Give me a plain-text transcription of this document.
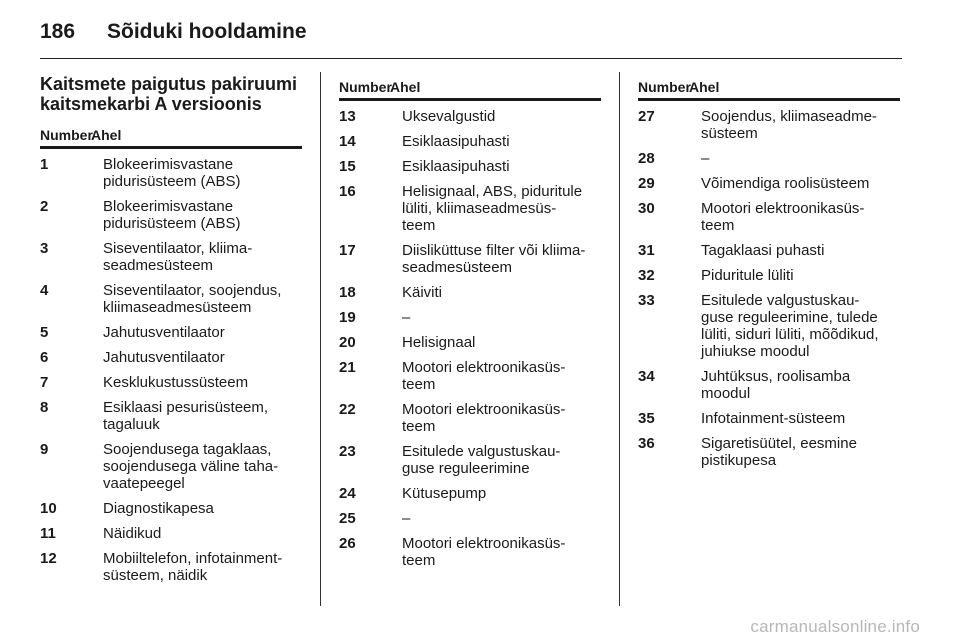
186	Sõiduki hooldamine
Kaitsmete paigutus pakiruumi
kaitsmekarbi A versioonis
Number
Ahel
1	Blokeerimisvastane
pidurisüsteem (ABS)
2	Blokeerimisvastane
pidurisüsteem (ABS)
3	Siseventilaator, kliima-
seadmesüsteem
4	Siseventilaator, soojendus,
kliimaseadmesüsteem
5	Jahutusventilaator
6	Jahutusventilaator
7	Kesklukustussüsteem
8	Esiklaasi pesurisüsteem,
tagaluuk
9	Soojendusega tagaklaas,
soojendusega väline taha-
vaatepeegel
10	Diagnostikapesa
11	Näidikud
12	Mobiiltelefon, infotainment-
süsteem, näidik
Number
Ahel
13	Uksevalgustid
14	Esiklaasipuhasti
15	Esiklaasipuhasti
16	Helisignaal, ABS, piduritule
lüliti, kliimaseadmesüs-
teem
17	Diisliküttuse filter või kliima-
seadmesüsteem
18	Käiviti
19	–
20	Helisignaal
21	Mootori elektroonikasüs-
teem
22	Mootori elektroonikasüs-
teem
23	Esitulede valgustuskau-
guse reguleerimine
24	Kütusepump
25	–
26	Mootori elektroonikasüs-
teem
Number
Ahel
27	Soojendus, kliimaseadme-
süsteem
28	–
29	Võimendiga roolisüsteem
30	Mootori elektroonikasüs-
teem
31	Tagaklaasi puhasti
32	Piduritule lüliti
33	Esitulede valgustuskau-
guse reguleerimine, tulede
lüliti, siduri lüliti, mõõdikud,
juhiukse moodul
34	Juhtüksus, roolisamba
moodul
35	Infotainment-süsteem
36	Sigaretisüütel, eesmine
pistikupesa
carmanualsonline.info
